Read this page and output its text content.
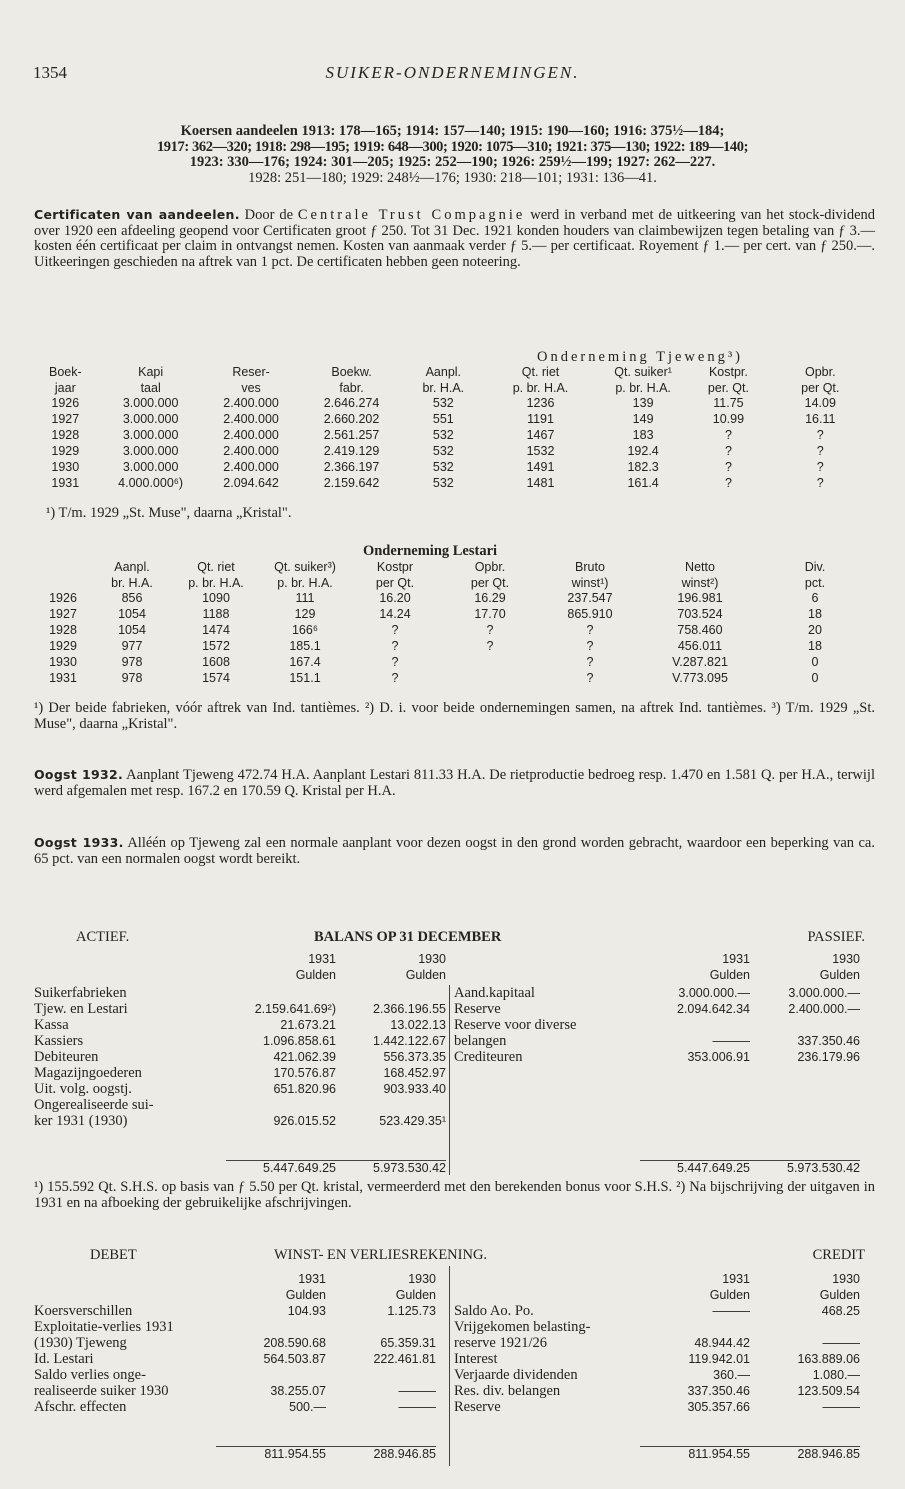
1354	SUIKER-ONDERNEMINGEN.
Koersen aandeelen 1913: 178—165; 1914: 157—140; 1915: 190—160; 1916: 375½—184;
1917: 362—320; 1918: 298—195; 1919: 648—300; 1920: 1075—310; 1921: 375—130; 1922: 189—140;
1923: 330—176; 1924: 301—205; 1925: 252—190; 1926: 259½—199; 1927: 262—227.
1928: 251—180; 1929: 248½—176; 1930: 218—101; 1931: 136—41.
Certificaten van aandeelen. Door de Centrale Trust Compagnie werd in verband met de uitkeering van het stock-dividend over 1920 een afdeeling geopend voor Certificaten groot ƒ 250. Tot 31 Dec. 1921 konden houders van claimbewijzen tegen betaling van ƒ 3.— kosten één certificaat per claim in ontvangst nemen. Kosten van aanmaak verder ƒ 5.— per certificaat. Royement ƒ 1.— per cert. van ƒ 250.—. Uitkeeringen geschieden na aftrek van 1 pct. De certificaten hebben geen noteering.
Onderneming Tjeweng³)
Boek-	Kapi	Reser-	Boekw.	Aanpl.	Qt. riet	Qt. suiker¹	Kostpr.	Opbr.
jaar	taal	ves	fabr.	br. H.A.	p. br. H.A.	p. br. H.A.	per. Qt.	per Qt.
1926	3.000.000	2.400.000	2.646.274	532	1236	139	11.75	14.09
1927	3.000.000	2.400.000	2.660.202	551	1191	149	10.99	16.11
1928	3.000.000	2.400.000	2.561.257	532	1467	183	?	?
1929	3.000.000	2.400.000	2.419.129	532	1532	192.4	?	?
1930	3.000.000	2.400.000	2.366.197	532	1491	182.3	?	?
1931	4.000.000⁶)	2.094.642	2.159.642	532	1481	161.4	?	?
¹) T/m. 1929 „St. Muse", daarna „Kristal".
Onderneming Lestari
	Aanpl.	Qt. riet	Qt. suiker³)	Kostpr	Opbr.	Bruto	Netto	Div.
	br. H.A.	p. br. H.A.	p. br. H.A.	per Qt.	per Qt.	winst¹)	winst²)	pct.
1926	856	1090	111	16.20	16.29	237.547	196.981	6
1927	1054	1188	129	14.24	17.70	865.910	703.524	18
1928	1054	1474	166⁶	?	?	?	758.460	20
1929	977	1572	185.1	?	?	?	456.011	18
1930	978	1608	167.4	?		?	V.287.821	0
1931	978	1574	151.1	?		?	V.773.095	0
¹) Der beide fabrieken, vóór aftrek van Ind. tantièmes. ²) D. i. voor beide ondernemingen samen, na aftrek Ind. tantièmes. ³) T/m. 1929 „St. Muse", daarna „Kristal".
Oogst 1932. Aanplant Tjeweng 472.74 H.A. Aanplant Lestari 811.33 H.A. De rietproductie bedroeg resp. 1.470 en 1.581 Q. per H.A., terwijl werd afgemalen met resp. 167.2 en 170.59 Q. Kristal per H.A.
Oogst 1933. Alléén op Tjeweng zal een normale aanplant voor dezen oogst in den grond worden gebracht, waardoor een beperking van ca. 65 pct. van een normalen oogst wordt bereikt.
ACTIEF.	BALANS OP 31 DECEMBER	PASSIEF.
1931	1930
Gulden	Gulden
1931	1930
Gulden	Gulden
Suikerfabrieken		
Tjew. en Lestari	2.159.641.69²)	2.366.196.55
Kassa	21.673.21	13.022.13
Kassiers	1.096.858.61	1.442.122.67
Debiteuren	421.062.39	556.373.35
Magazijngoederen	170.576.87	168.452.97
Uit. volg. oogstj.	651.820.96	903.933.40
Ongerealiseerde sui-		
ker 1931 (1930)	926.015.52	523.429.35¹
Aand.kapitaal	3.000.000.—	3.000.000.—
Reserve	2.094.642.34	2.400.000.—
Reserve voor diverse		
belangen	———	337.350.46
Crediteuren	353.006.91	236.179.96
5.447.649.25	5.973.530.42	5.447.649.25	5.973.530.42
¹) 155.592 Qt. S.H.S. op basis van ƒ 5.50 per Qt. kristal, vermeerderd met den berekenden bonus voor S.H.S. ²) Na bijschrijving der uitgaven in 1931 en na afboeking der gebruikelijke afschrijvingen.
DEBET	WINST- EN VERLIESREKENING.	CREDIT
1931	1930
Gulden	Gulden
1931	1930
Gulden	Gulden
Koersverschillen	104.93	1.125.73
Exploitatie-verlies 1931		
(1930) Tjeweng	208.590.68	65.359.31
Id. Lestari	564.503.87	222.461.81
Saldo verlies onge-		
realiseerde suiker 1930	38.255.07	———
Afschr. effecten	500.—	———
Saldo Ao. Po.	———	468.25
Vrijgekomen belasting-		
reserve 1921/26	48.944.42	———
Interest	119.942.01	163.889.06
Verjaarde dividenden	360.—	1.080.—
Res. div. belangen	337.350.46	123.509.54
Reserve	305.357.66	———
811.954.55	288.946.85	811.954.55	288.946.85
